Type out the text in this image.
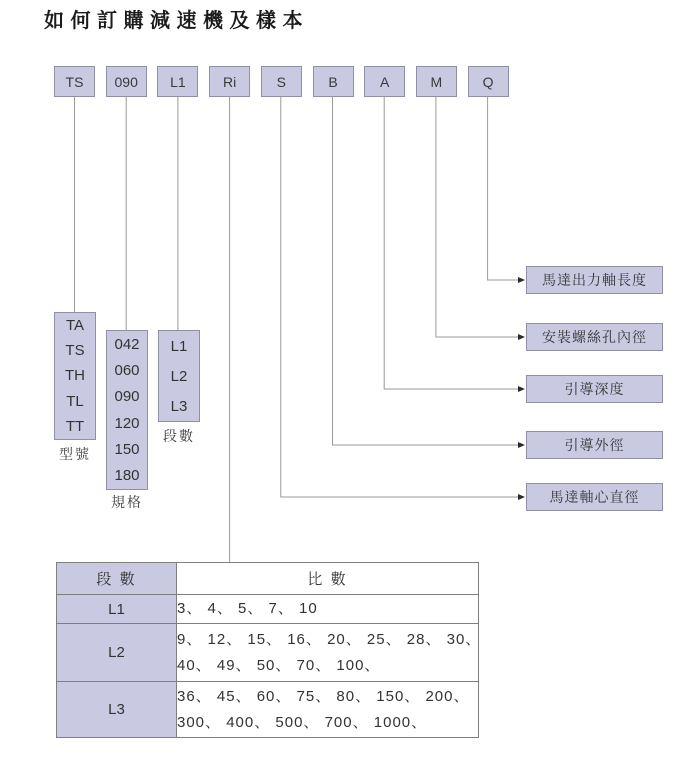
如何訂購減速機及樣本
TS	090	L1	Ri	S	B	A	M	Q
TA
TS
TH
TL
TT
型號
042
060
090
120
150
180
規格
L1
L2
L3
段數
馬達出力軸長度
安裝螺絲孔內徑
引導深度
引導外徑
馬達軸心直徑
段 數	比 數
L1	3、 4、 5、 7、 10

L2	9、 12、 15、 16、 20、 25、 28、 30、
40、 49、 50、 70、 100、

L3	36、 45、 60、 75、 80、 150、 200、
300、 400、 500、 700、 1000、
